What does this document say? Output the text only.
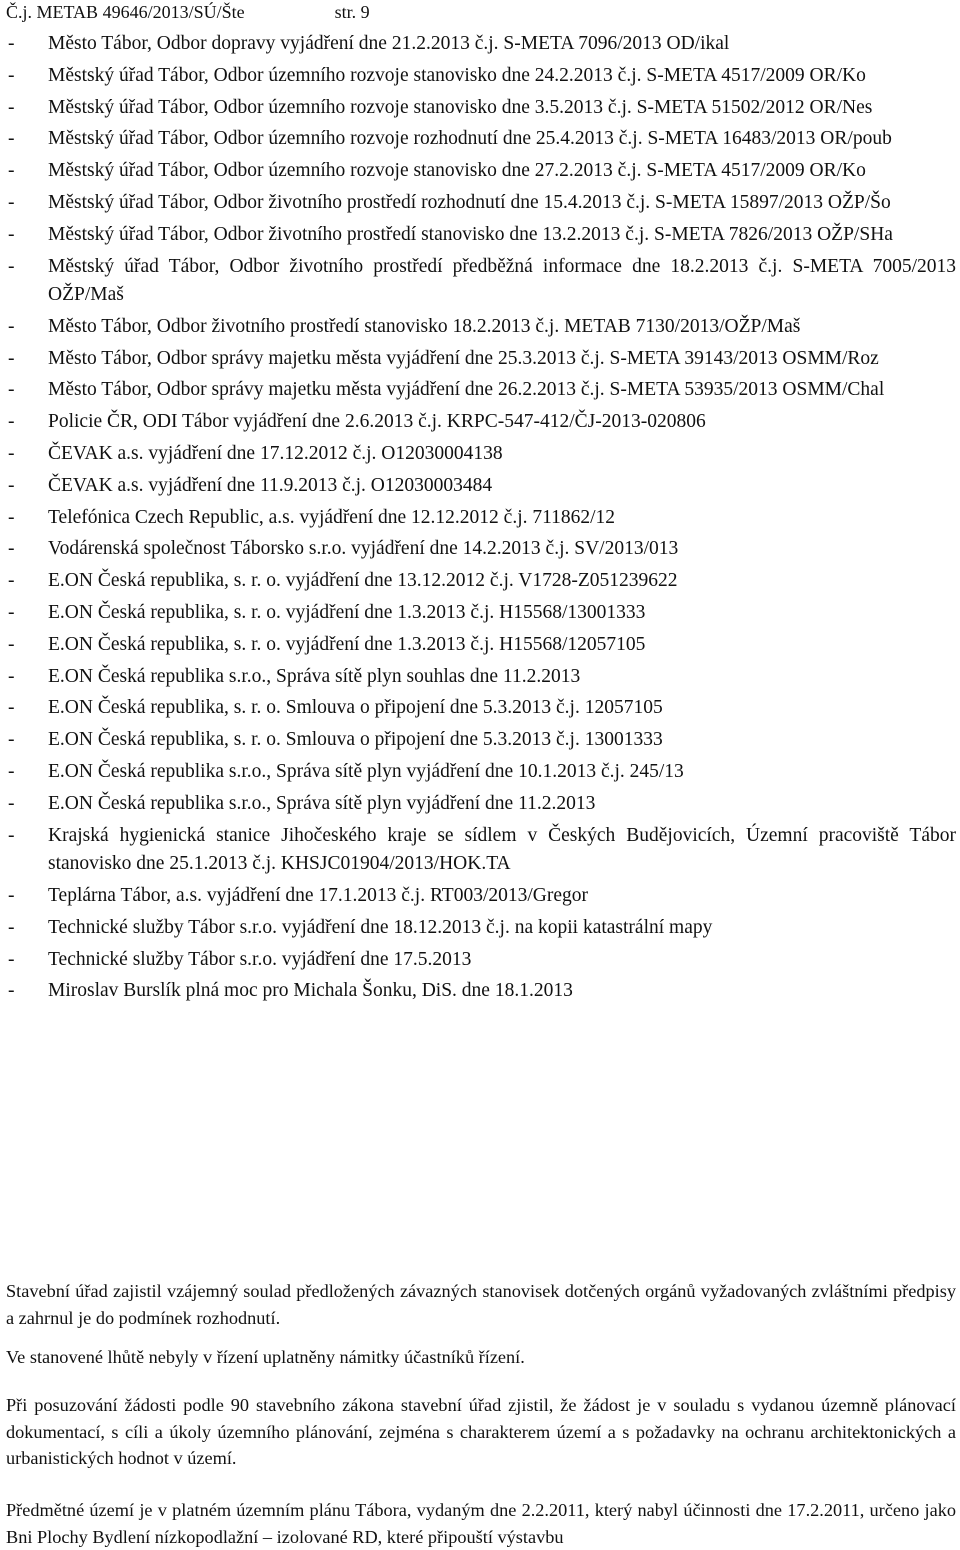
Č.j. METAB 49646/2013/SÚ/Šte	str. 9
-	Město Tábor, Odbor dopravy vyjádření dne 21.2.2013 č.j. S-META 7096/2013 OD/ikal
-	Městský úřad Tábor, Odbor územního rozvoje stanovisko dne 24.2.2013 č.j. S-META 4517/2009 OR/Ko
-	Městský úřad Tábor, Odbor územního rozvoje stanovisko dne 3.5.2013 č.j. S-META 51502/2012 OR/Nes
-	Městský úřad Tábor, Odbor územního rozvoje rozhodnutí dne 25.4.2013 č.j. S-META 16483/2013 OR/poub
-	Městský úřad Tábor, Odbor územního rozvoje stanovisko dne 27.2.2013 č.j. S-META 4517/2009 OR/Ko
-	Městský úřad Tábor, Odbor životního prostředí rozhodnutí dne 15.4.2013 č.j. S-META 15897/2013 OŽP/Šo
-	Městský úřad Tábor, Odbor životního prostředí stanovisko dne 13.2.2013 č.j. S-META 7826/2013 OŽP/SHa
-	Městský úřad Tábor, Odbor životního prostředí předběžná informace dne 18.2.2013 č.j. S-META 7005/2013 OŽP/Maš
-	Město Tábor, Odbor životního prostředí stanovisko 18.2.2013 č.j. METAB 7130/2013/OŽP/Maš
-	Město Tábor, Odbor správy majetku města vyjádření dne 25.3.2013 č.j. S-META 39143/2013 OSMM/Roz
-	Město Tábor, Odbor správy majetku města vyjádření dne 26.2.2013 č.j. S-META 53935/2013 OSMM/Chal
-	Policie ČR, ODI Tábor vyjádření dne 2.6.2013 č.j. KRPC-547-412/ČJ-2013-020806
-	ČEVAK a.s. vyjádření dne 17.12.2012 č.j. O12030004138
-	ČEVAK a.s. vyjádření dne 11.9.2013 č.j. O12030003484
-	Telefónica Czech Republic, a.s. vyjádření dne 12.12.2012 č.j. 711862/12
-	Vodárenská společnost Táborsko s.r.o. vyjádření dne 14.2.2013 č.j. SV/2013/013
-	E.ON Česká republika, s. r. o. vyjádření dne 13.12.2012 č.j. V1728-Z051239622
-	E.ON Česká republika, s. r. o. vyjádření dne 1.3.2013 č.j. H15568/13001333
-	E.ON Česká republika, s. r. o. vyjádření dne 1.3.2013 č.j. H15568/12057105
-	E.ON Česká republika s.r.o., Správa sítě plyn souhlas dne 11.2.2013
-	E.ON Česká republika, s. r. o. Smlouva o připojení dne 5.3.2013 č.j. 12057105
-	E.ON Česká republika, s. r. o. Smlouva o připojení dne 5.3.2013 č.j. 13001333
-	E.ON Česká republika s.r.o., Správa sítě plyn vyjádření dne 10.1.2013 č.j. 245/13
-	E.ON Česká republika s.r.o., Správa sítě plyn vyjádření dne 11.2.2013
-	Krajská hygienická stanice Jihočeského kraje se sídlem v Českých Budějovicích, Územní pracoviště Tábor stanovisko dne 25.1.2013 č.j. KHSJC01904/2013/HOK.TA
-	Teplárna Tábor, a.s. vyjádření dne 17.1.2013 č.j. RT003/2013/Gregor
-	Technické služby Tábor s.r.o. vyjádření dne 18.12.2013 č.j. na kopii katastrální mapy
-	Technické služby Tábor s.r.o. vyjádření dne 17.5.2013
-	Miroslav Burslík plná moc pro Michala Šonku, DiS. dne 18.1.2013
Stavební úřad zajistil vzájemný soulad předložených závazných stanovisek dotčených orgánů vyžadovaných zvláštními předpisy a zahrnul je do podmínek rozhodnutí.
Ve stanovené lhůtě nebyly v řízení uplatněny námitky účastníků řízení.
Při posuzování žádosti podle 90 stavebního zákona stavební úřad zjistil, že žádost je v souladu s vydanou územně plánovací dokumentací, s cíli a úkoly územního plánování, zejména s charakterem území a s požadavky na ochranu architektonických a urbanistických hodnot v území.
Předmětné území je v platném územním plánu Tábora, vydaným dne 2.2.2011, který nabyl účinnosti dne 17.2.2011, určeno jako Bni Plochy Bydlení nízkopodlažní – izolované RD, které připouští výstavbu
